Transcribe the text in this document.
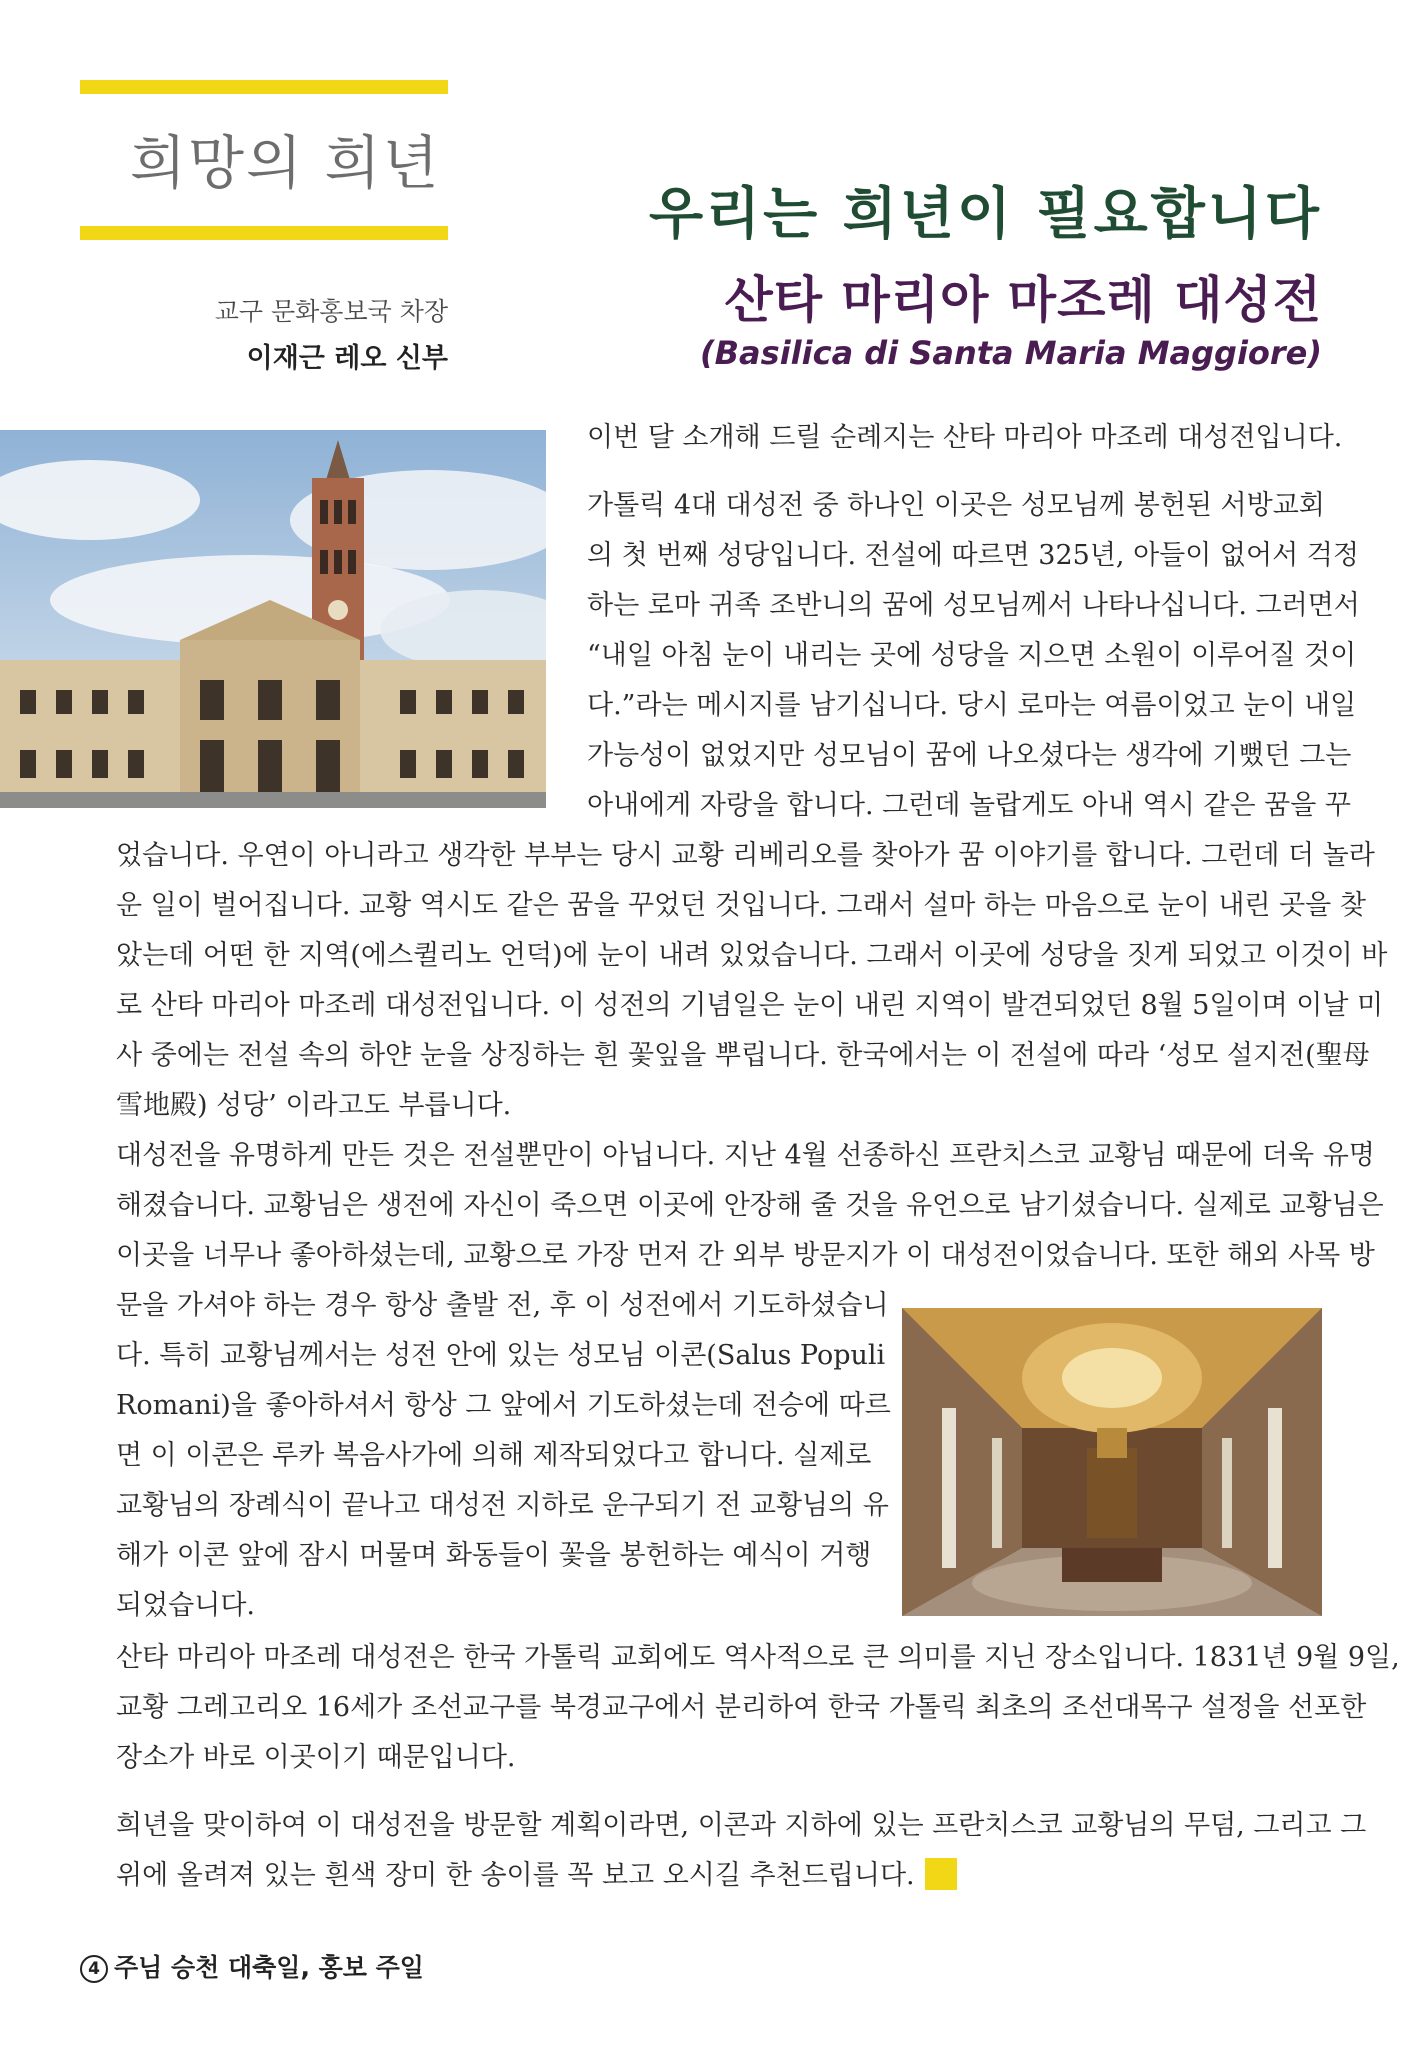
희망의 희년
교구 문화홍보국 차장
이재근 레오 신부
우리는 희년이 필요합니다
산타 마리아 마조레 대성전
(Basilica di Santa Maria Maggiore)
이번 달 소개해 드릴 순례지는 산타 마리아 마조레 대성전입니다.
가톨릭 4대 대성전 중 하나인 이곳은 성모님께 봉헌된 서방교회
의 첫 번째 성당입니다. 전설에 따르면 325년, 아들이 없어서 걱정
하는 로마 귀족 조반니의 꿈에 성모님께서 나타나십니다. 그러면서
“내일 아침 눈이 내리는 곳에 성당을 지으면 소원이 이루어질 것이
다.”라는 메시지를 남기십니다. 당시 로마는 여름이었고 눈이 내일
가능성이 없었지만 성모님이 꿈에 나오셨다는 생각에 기뻤던 그는
아내에게 자랑을 합니다. 그런데 놀랍게도 아내 역시 같은 꿈을 꾸
었습니다. 우연이 아니라고 생각한 부부는 당시 교황 리베리오를 찾아가 꿈 이야기를 합니다. 그런데 더 놀라
운 일이 벌어집니다. 교황 역시도 같은 꿈을 꾸었던 것입니다. 그래서 설마 하는 마음으로 눈이 내린 곳을 찾
았는데 어떤 한 지역(에스퀼리노 언덕)에 눈이 내려 있었습니다. 그래서 이곳에 성당을 짓게 되었고 이것이 바
로 산타 마리아 마조레 대성전입니다. 이 성전의 기념일은 눈이 내린 지역이 발견되었던 8월 5일이며 이날 미
사 중에는 전설 속의 하얀 눈을 상징하는 흰 꽃잎을 뿌립니다. 한국에서는 이 전설에 따라 ‘성모 설지전(聖母
雪地殿) 성당’ 이라고도 부릅니다.
대성전을 유명하게 만든 것은 전설뿐만이 아닙니다. 지난 4월 선종하신 프란치스코 교황님 때문에 더욱 유명
해졌습니다. 교황님은 생전에 자신이 죽으면 이곳에 안장해 줄 것을 유언으로 남기셨습니다. 실제로 교황님은
이곳을 너무나 좋아하셨는데, 교황으로 가장 먼저 간 외부 방문지가 이 대성전이었습니다. 또한 해외 사목 방
문을 가셔야 하는 경우 항상 출발 전, 후 이 성전에서 기도하셨습니
다. 특히 교황님께서는 성전 안에 있는 성모님 이콘(Salus Populi
Romani)을 좋아하셔서 항상 그 앞에서 기도하셨는데 전승에 따르
면 이 이콘은 루카 복음사가에 의해 제작되었다고 합니다. 실제로
교황님의 장례식이 끝나고 대성전 지하로 운구되기 전 교황님의 유
해가 이콘 앞에 잠시 머물며 화동들이 꽃을 봉헌하는 예식이 거행
되었습니다.
산타 마리아 마조레 대성전은 한국 가톨릭 교회에도 역사적으로 큰 의미를 지닌 장소입니다. 1831년 9월 9일,
교황 그레고리오 16세가 조선교구를 북경교구에서 분리하여 한국 가톨릭 최초의 조선대목구 설정을 선포한
장소가 바로 이곳이기 때문입니다.
희년을 맞이하여 이 대성전을 방문할 계획이라면, 이콘과 지하에 있는 프란치스코 교황님의 무덤, 그리고 그
위에 올려져 있는 흰색 장미 한 송이를 꼭 보고 오시길 추천드립니다.
4 주님 승천 대축일, 홍보 주일
